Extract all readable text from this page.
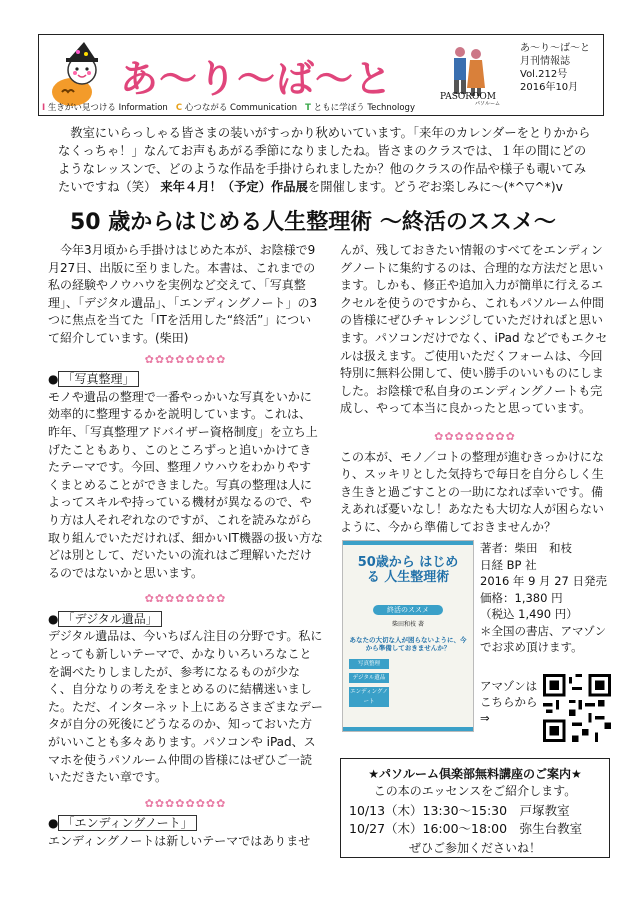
あ〜り〜ば〜と	PASOROOM
パソルーム
あ〜り〜ば〜と
月刊情報誌
Vol.212号
2016年10月
I 生きがい見つける Information C 心つながる Communication T ともに学ぼう Technology
教室にいらっしゃる皆さまの装いがすっかり秋めいています。「来年のカレンダーをとりかからなくっちゃ！」なんてお声もあがる季節になりましたね。皆さまのクラスでは、１年の間にどのようなレッスンで、どのような作品を手掛けられましたか？他のクラスの作品や様子も覗いてみたいですね（笑） 来年４月！（予定）作品展を開催します。どうぞお楽しみに〜(*^▽^*)v
50 歳からはじめる人生整理術 〜終活のススメ〜

今年3月頃から手掛けはじめた本が、お陰様で9月27日、出版に至りました。本書は、これまでの私の経験やノウハウを実例など交えて、「写真整理」、「デジタル遺品」、「エンディングノート」の3つに焦点を当てた「ITを活用した“終活”」について紹介しています。(柴田)

✿✿✿✿✿✿✿✿
● 「写真整理」

モノや遺品の整理で一番やっかいな写真をいかに効率的に整理するかを説明しています。これは、昨年、「写真整理アドバイザー資格制度」を立ち上げたこともあり、このところずっと追いかけてきたテーマです。今回、整理ノウハウをわかりやすくまとめることができました。写真の整理は人によってスキルや持っている機材が異なるので、やり方は人それぞれなのですが、これを読みながら取り組んでいただければ、細かいIT機器の扱い方などは別として、だいたいの流れはご理解いただけるのではないかと思います。

✿✿✿✿✿✿✿✿
● 「デジタル遺品」

デジタル遺品は、今いちばん注目の分野です。私にとっても新しいテーマで、かなりいろいろなことを調べたりしましたが、参考になるものが少なく、自分なりの考えをまとめるのに結構迷いました。ただ、インターネット上にあるさまざまなデータが自分の死後にどうなるのか、知っておいた方がいいことも多々あります。パソコンや iPad、スマホを使うパソルーム仲間の皆様にはぜひご一読いただきたい章です。

✿✿✿✿✿✿✿✿
● 「エンディングノート」

エンディングノートは新しいテーマではありませ

んが、残しておきたい情報のすべてをエンディングノートに集約するのは、合理的な方法だと思います。しかも、修正や追加入力が簡単に行えるエクセルを使うのですから、これもパソルーム仲間の皆様にぜひチャレンジしていただければと思います。パソコンだけでなく、iPad などでもエクセルは扱えます。ご使用いただくフォームは、今回特別に無料公開して、使い勝手のいいものにしました。お陰様で私自身のエンディングノートも完成し、やって本当に良かったと思っています。

✿✿✿✿✿✿✿✿

この本が、モノ／コトの整理が進むきっかけになり、スッキリとした気持ちで毎日を自分らしく生き生きと過ごすことの一助になれば幸いです。備えあれば憂いなし！あなたも大切な人が困らないように、今から準備しておきませんか？

50歳から はじめる 人生整理術
終活のススメ
柴田和枝 著
あなたの大切な人が困らないように、今から準備しておきませんか？
写真整理
デジタル遺品
エンディングノート
著者：柴田　和枝
日経 BP 社
2016 年 9 月 27 日発売
価格：1,380 円
（税込 1,490 円）
＊全国の書店、アマゾンでお求め頂けます。
アマゾンはこちらから⇒
★パソルーム倶楽部無料講座のご案内★
この本のエッセンスをご紹介します。
10/13（木）13:30〜15:30　戸塚教室
10/27（木）16:00〜18:00　弥生台教室
ぜひご参加くださいね！
